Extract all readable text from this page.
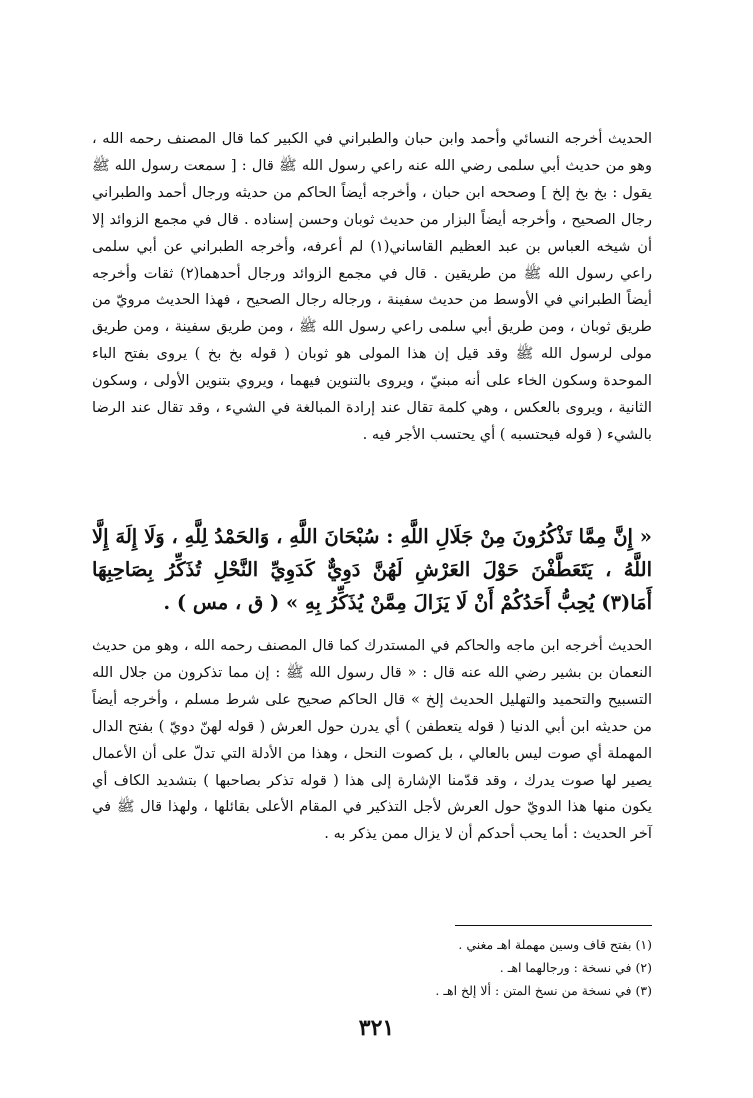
الحديث أخرجه النسائي وأحمد وابن حبان والطبراني في الكبير كما قال المصنف رحمه الله ، وهو من حديث أبي سلمى رضي الله عنه راعي رسول الله ﷺ قال : [ سمعت رسول الله ﷺ يقول : بخ بخ إلخ ] وصححه ابن حبان ، وأخرجه أيضاً الحاكم من حديثه ورجال أحمد والطبراني رجال الصحيح ، وأخرجه أيضاً البزار من حديث ثوبان وحسن إسناده . قال في مجمع الزوائد إلا أن شيخه العباس بن عبد العظيم القاساني(١) لم أعرفه، وأخرجه الطبراني عن أبي سلمى راعي رسول الله ﷺ من طريقين . قال في مجمع الزوائد ورجال أحدهما(٢) ثقات وأخرجه أيضاً الطبراني في الأوسط من حديث سفينة ، ورجاله رجال الصحيح ، فهذا الحديث مرويّ من طريق ثوبان ، ومن طريق أبي سلمى راعي رسول الله ﷺ ، ومن طريق سفينة ، ومن طريق مولى لرسول الله ﷺ وقد قيل إن هذا المولى هو ثوبان ( قوله بخ بخ ) يروى بفتح الباء الموحدة وسكون الخاء على أنه مبنيّ ، ويروى بالتنوين فيهما ، ويروي بتنوين الأولى ، وسكون الثانية ، ويروى بالعكس ، وهي كلمة تقال عند إرادة المبالغة في الشيء ، وقد تقال عند الرضا بالشيء ( قوله فيحتسبه ) أي يحتسب الأجر فيه .

« إِنَّ مِمَّا تَذْكُرُونَ مِنْ جَلَالِ اللَّهِ : سُبْحَانَ اللَّهِ ، وَالحَمْدُ لِلَّهِ ، وَلَا إِلَهَ إِلَّا اللَّهُ ، يَتَعَطَّفْنَ حَوْلَ العَرْشِ لَهُنَّ دَوِيٌّ كَدَوِيِّ النَّحْلِ تُذَكِّرُ بِصَاحِبِهَا أَمَا(٣) يُحِبُّ أَحَدُكُمْ أَنْ لَا يَزَالَ مِمَّنْ يُذَكِّرُ بِهِ » ( ق ، مس ) .

الحديث أخرجه ابن ماجه والحاكم في المستدرك كما قال المصنف رحمه الله ، وهو من حديث النعمان بن بشير رضي الله عنه قال : « قال رسول الله ﷺ : إن مما تذكرون من جلال الله التسبيح والتحميد والتهليل الحديث إلخ » قال الحاكم صحيح على شرط مسلم ، وأخرجه أيضاً من حديثه ابن أبي الدنيا ( قوله يتعطفن ) أي يدرن حول العرش ( قوله لهنّ دويّ ) بفتح الدال المهملة أي صوت ليس بالعالي ، بل كصوت النحل ، وهذا من الأدلة التي تدلّ على أن الأعمال يصير لها صوت يدرك ، وقد قدّمنا الإشارة إلى هذا ( قوله تذكر بصاحبها ) بتشديد الكاف أي يكون منها هذا الدويّ حول العرش لأجل التذكير في المقام الأعلى بقائلها ، ولهذا قال ﷺ في آخر الحديث : أما يحب أحدكم أن لا يزال ممن يذكر به .

(١) بفتح قاف وسين مهملة اهـ مغني .
(٢) في نسخة : ورجالهما اهـ .
(٣) في نسخة من نسخ المتن : ألا إلخ اهـ .
٣٢١
